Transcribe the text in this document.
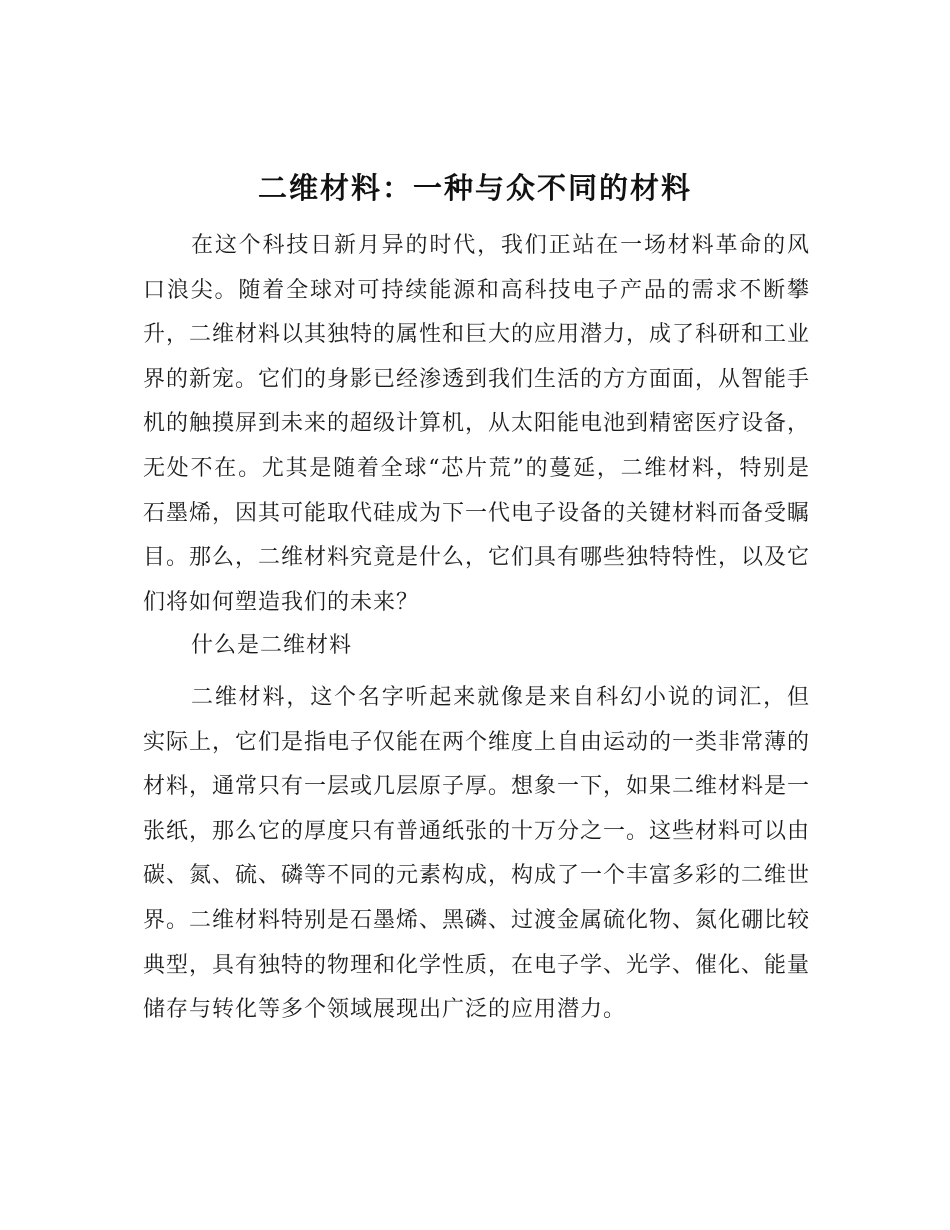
二维材料：一种与众不同的材料

在这个科技日新月异的时代，我们正站在一场材料革命的风口浪尖。随着全球对可持续能源和高科技电子产品的需求不断攀升，二维材料以其独特的属性和巨大的应用潜力，成了科研和工业界的新宠。它们的身影已经渗透到我们生活的方方面面，从智能手机的触摸屏到未来的超级计算机，从太阳能电池到精密医疗设备，无处不在。尤其是随着全球“芯片荒”的蔓延，二维材料，特别是石墨烯，因其可能取代硅成为下一代电子设备的关键材料而备受瞩目。那么，二维材料究竟是什么，它们具有哪些独特特性，以及它们将如何塑造我们的未来？

什么是二维材料

二维材料，这个名字听起来就像是来自科幻小说的词汇，但实际上，它们是指电子仅能在两个维度上自由运动的一类非常薄的材料，通常只有一层或几层原子厚。想象一下，如果二维材料是一张纸，那么它的厚度只有普通纸张的十万分之一。这些材料可以由碳、氮、硫、磷等不同的元素构成，构成了一个丰富多彩的二维世界。二维材料特别是石墨烯、黑磷、过渡金属硫化物、氮化硼比较典型，具有独特的物理和化学性质，在电子学、光学、催化、能量储存与转化等多个领域展现出广泛的应用潜力。
